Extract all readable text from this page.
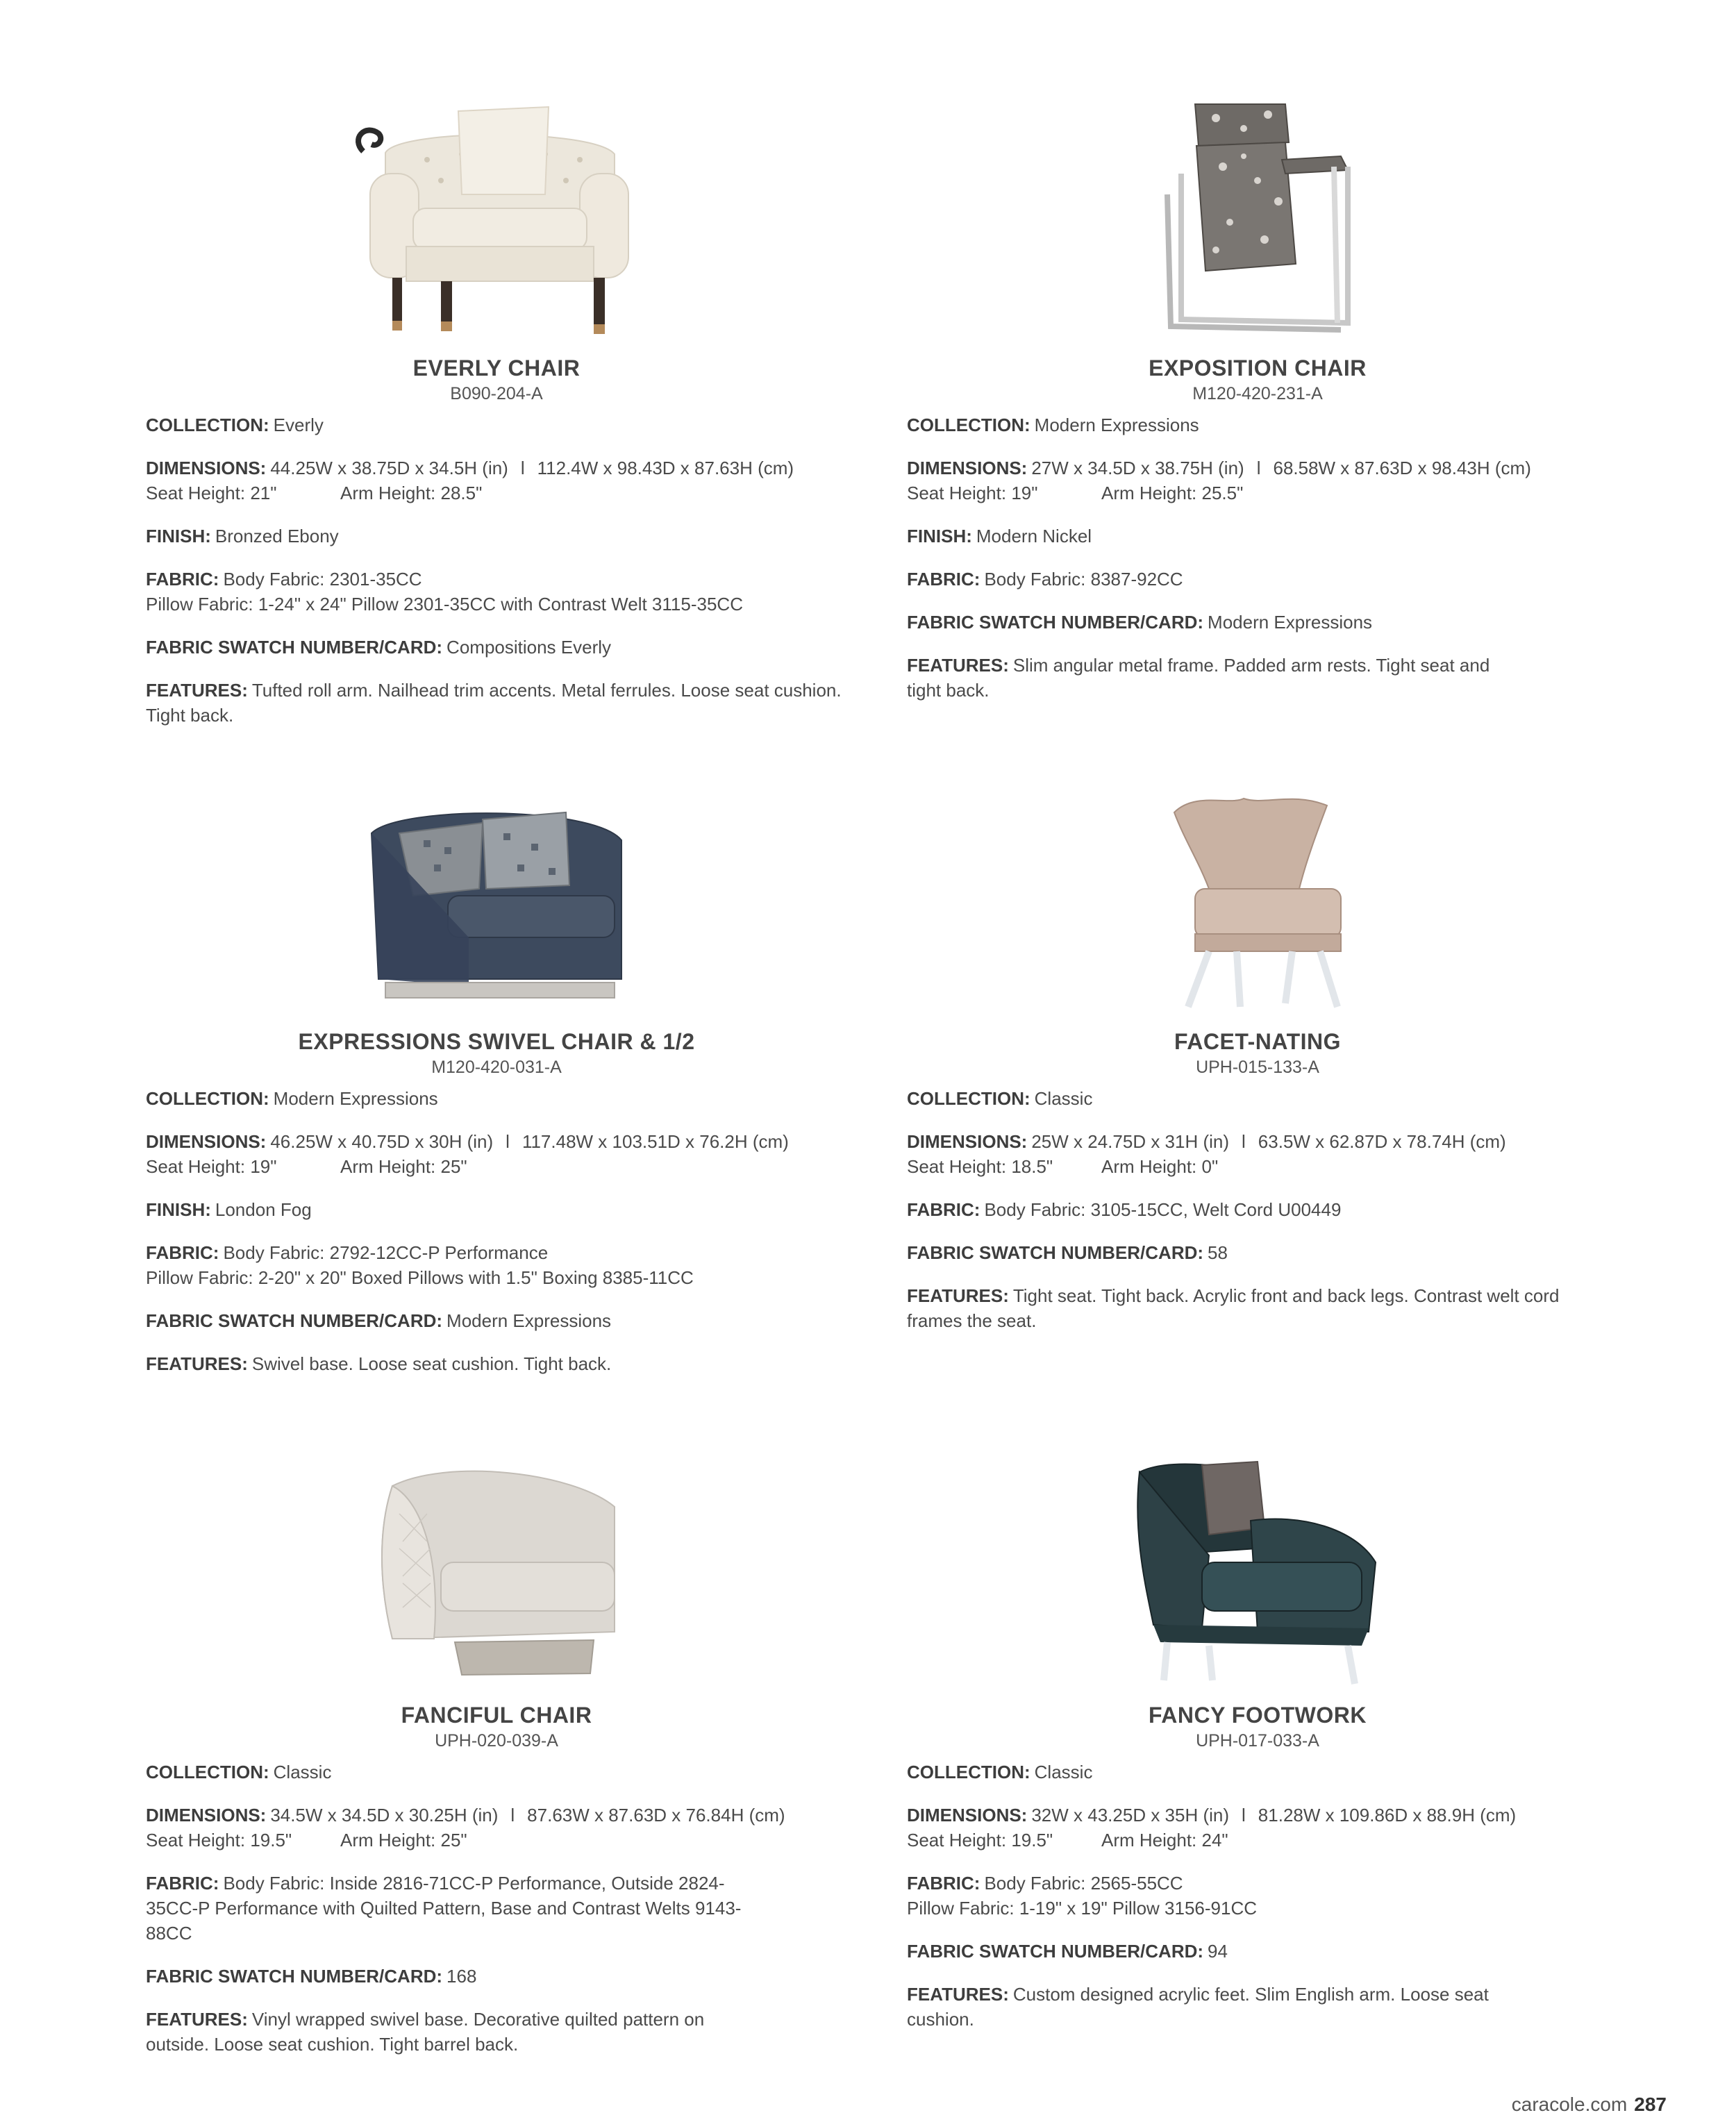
EVERLY CHAIR
B090-204-A
COLLECTION: Everly
DIMENSIONS: 44.25W x 38.75D x 34.5H (in) l 112.4W x 98.43D x 87.63H (cm)
Seat Height: 21"	Arm Height: 28.5"
FINISH: Bronzed Ebony
FABRIC: Body Fabric: 2301-35CC
Pillow Fabric: 1-24" x 24" Pillow 2301-35CC with Contrast Welt 3115-35CC
FABRIC SWATCH NUMBER/CARD: Compositions Everly
FEATURES: Tufted roll arm. Nailhead trim accents. Metal ferrules. Loose seat cushion. Tight back.
EXPOSITION CHAIR
M120-420-231-A
COLLECTION: Modern Expressions
DIMENSIONS: 27W x 34.5D x 38.75H (in) l 68.58W x 87.63D x 98.43H (cm)
Seat Height: 19"	Arm Height: 25.5"
FINISH: Modern Nickel
FABRIC: Body Fabric: 8387-92CC
FABRIC SWATCH NUMBER/CARD: Modern Expressions
FEATURES: Slim angular metal frame. Padded arm rests. Tight seat and tight back.
EXPRESSIONS SWIVEL CHAIR & 1/2
M120-420-031-A
COLLECTION: Modern Expressions
DIMENSIONS: 46.25W x 40.75D x 30H (in) l 117.48W x 103.51D x 76.2H (cm)
Seat Height: 19"	Arm Height: 25"
FINISH: London Fog
FABRIC: Body Fabric: 2792-12CC-P Performance
Pillow Fabric: 2-20" x 20" Boxed Pillows with 1.5" Boxing 8385-11CC
FABRIC SWATCH NUMBER/CARD: Modern Expressions
FEATURES: Swivel base. Loose seat cushion. Tight back.
FACET-NATING
UPH-015-133-A
COLLECTION: Classic
DIMENSIONS: 25W x 24.75D x 31H (in) l 63.5W x 62.87D x 78.74H (cm)
Seat Height: 18.5"	Arm Height: 0"
FABRIC: Body Fabric: 3105-15CC, Welt Cord U00449
FABRIC SWATCH NUMBER/CARD: 58
FEATURES: Tight seat. Tight back. Acrylic front and back legs. Contrast welt cord frames the seat.
FANCIFUL CHAIR
UPH-020-039-A
COLLECTION: Classic
DIMENSIONS: 34.5W x 34.5D x 30.25H (in) l 87.63W x 87.63D x 76.84H (cm)
Seat Height: 19.5"	Arm Height: 25"
FABRIC: Body Fabric: Inside 2816-71CC-P Performance, Outside 2824-35CC-P Performance with Quilted Pattern, Base and Contrast Welts 9143-88CC
FABRIC SWATCH NUMBER/CARD: 168
FEATURES: Vinyl wrapped swivel base. Decorative quilted pattern on outside. Loose seat cushion. Tight barrel back.
FANCY FOOTWORK
UPH-017-033-A
COLLECTION: Classic
DIMENSIONS: 32W x 43.25D x 35H (in) l 81.28W x 109.86D x 88.9H (cm)
Seat Height: 19.5"	Arm Height: 24"
FABRIC: Body Fabric: 2565-55CC
Pillow Fabric: 1-19" x 19" Pillow 3156-91CC
FABRIC SWATCH NUMBER/CARD: 94
FEATURES: Custom designed acrylic feet. Slim English arm. Loose seat cushion.
caracole.com 287
